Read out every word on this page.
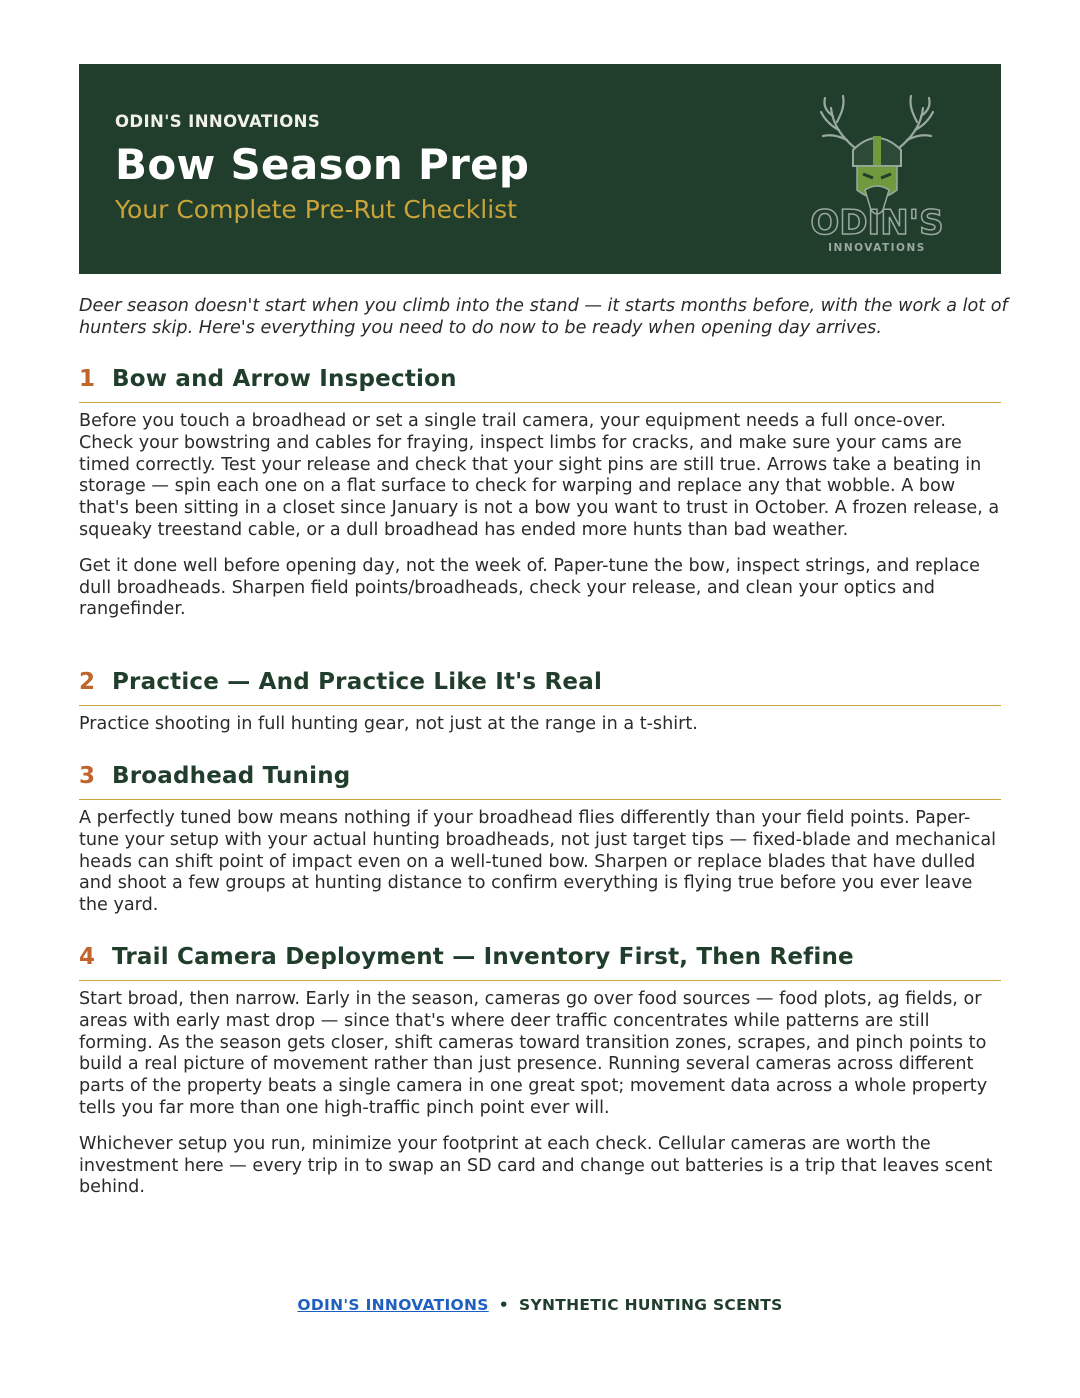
ODIN'S INNOVATIONS
Bow Season Prep
Your Complete Pre-Rut Checklist	ODIN'S
INNOVATIONS
Deer season doesn't start when you climb into the stand — it starts months before, with the work a lot of hunters skip. Here's everything you need to do now to be ready when opening day arrives.
1 Bow and Arrow Inspection

Before you touch a broadhead or set a single trail camera, your equipment needs a full once-over. Check your bowstring and cables for fraying, inspect limbs for cracks, and make sure your cams are timed correctly. Test your release and check that your sight pins are still true. Arrows take a beating in storage — spin each one on a flat surface to check for warping and replace any that wobble. A bow that's been sitting in a closet since January is not a bow you want to trust in October. A frozen release, a squeaky treestand cable, or a dull broadhead has ended more hunts than bad weather.

Get it done well before opening day, not the week of. Paper-tune the bow, inspect strings, and replace dull broadheads. Sharpen field points/broadheads, check your release, and clean your optics and rangefinder.

2 Practice — And Practice Like It's Real

Practice shooting in full hunting gear, not just at the range in a t-shirt.

3 Broadhead Tuning

A perfectly tuned bow means nothing if your broadhead flies differently than your field points. Paper-tune your setup with your actual hunting broadheads, not just target tips — fixed-blade and mechanical heads can shift point of impact even on a well-tuned bow. Sharpen or replace blades that have dulled and shoot a few groups at hunting distance to confirm everything is flying true before you ever leave the yard.

4 Trail Camera Deployment — Inventory First, Then Refine

Start broad, then narrow. Early in the season, cameras go over food sources — food plots, ag fields, or areas with early mast drop — since that's where deer traffic concentrates while patterns are still forming. As the season gets closer, shift cameras toward transition zones, scrapes, and pinch points to build a real picture of movement rather than just presence. Running several cameras across different parts of the property beats a single camera in one great spot; movement data across a whole property tells you far more than one high-traffic pinch point ever will.

Whichever setup you run, minimize your footprint at each check. Cellular cameras are worth the investment here — every trip in to swap an SD card and change out batteries is a trip that leaves scent behind.

ODIN'S INNOVATIONS • SYNTHETIC HUNTING SCENTS
